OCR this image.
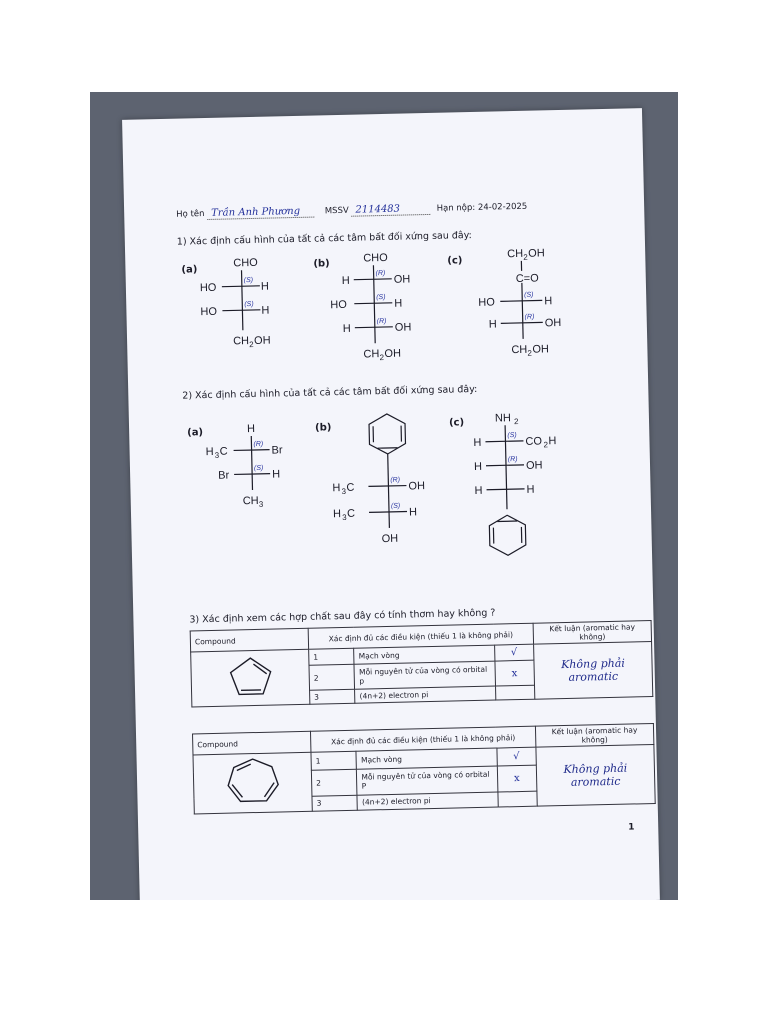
Họ tên Trần Anh Phương	MSSV 2114483	Hạn nộp: 24-02-2025
1) Xác định cấu hình của tất cả các tâm bất đối xứng sau đây:
(a)
(b)	(c)
CHO
HO	H
HO	H
CH 2 OH
(S)
(S)
CHO
H	OH
HO	H
H	OH
CH 2 OH
(R)
(S)
(R)
CH 2 OH
C=O
HO	H
H	OH
CH 2 OH
(S)
(R)
2) Xác định cấu hình của tất cả các tâm bất đối xứng sau đây:
(a)	(b)	(c)
H
H 3 C	Br
Br	H
CH 3
(R)
(S)
H 3 C	OH
H 3 C	H
OH
(R)
(S)
NH 2
H	CO 2 H
H	OH
H	H
(S)
(R)
3) Xác định xem các hợp chất sau đây có tính thơm hay không ?
Compound	Xác định đủ các điều kiện (thiếu 1 là không phải)			Kết luận (aromatic hay không)
	1	Mạch vòng	√	Không phải aromatic
	2	Mỗi nguyên tử của vòng có orbital p	x	
	3	(4n+2) electron pi		
Compound	Xác định đủ các điều kiện (thiếu 1 là không phải)			Kết luận (aromatic hay không)
	1	Mạch vòng	√	Không phải aromatic
	2	Mỗi nguyên tử của vòng có orbital P	x	
	3	(4n+2) electron pi		
1
